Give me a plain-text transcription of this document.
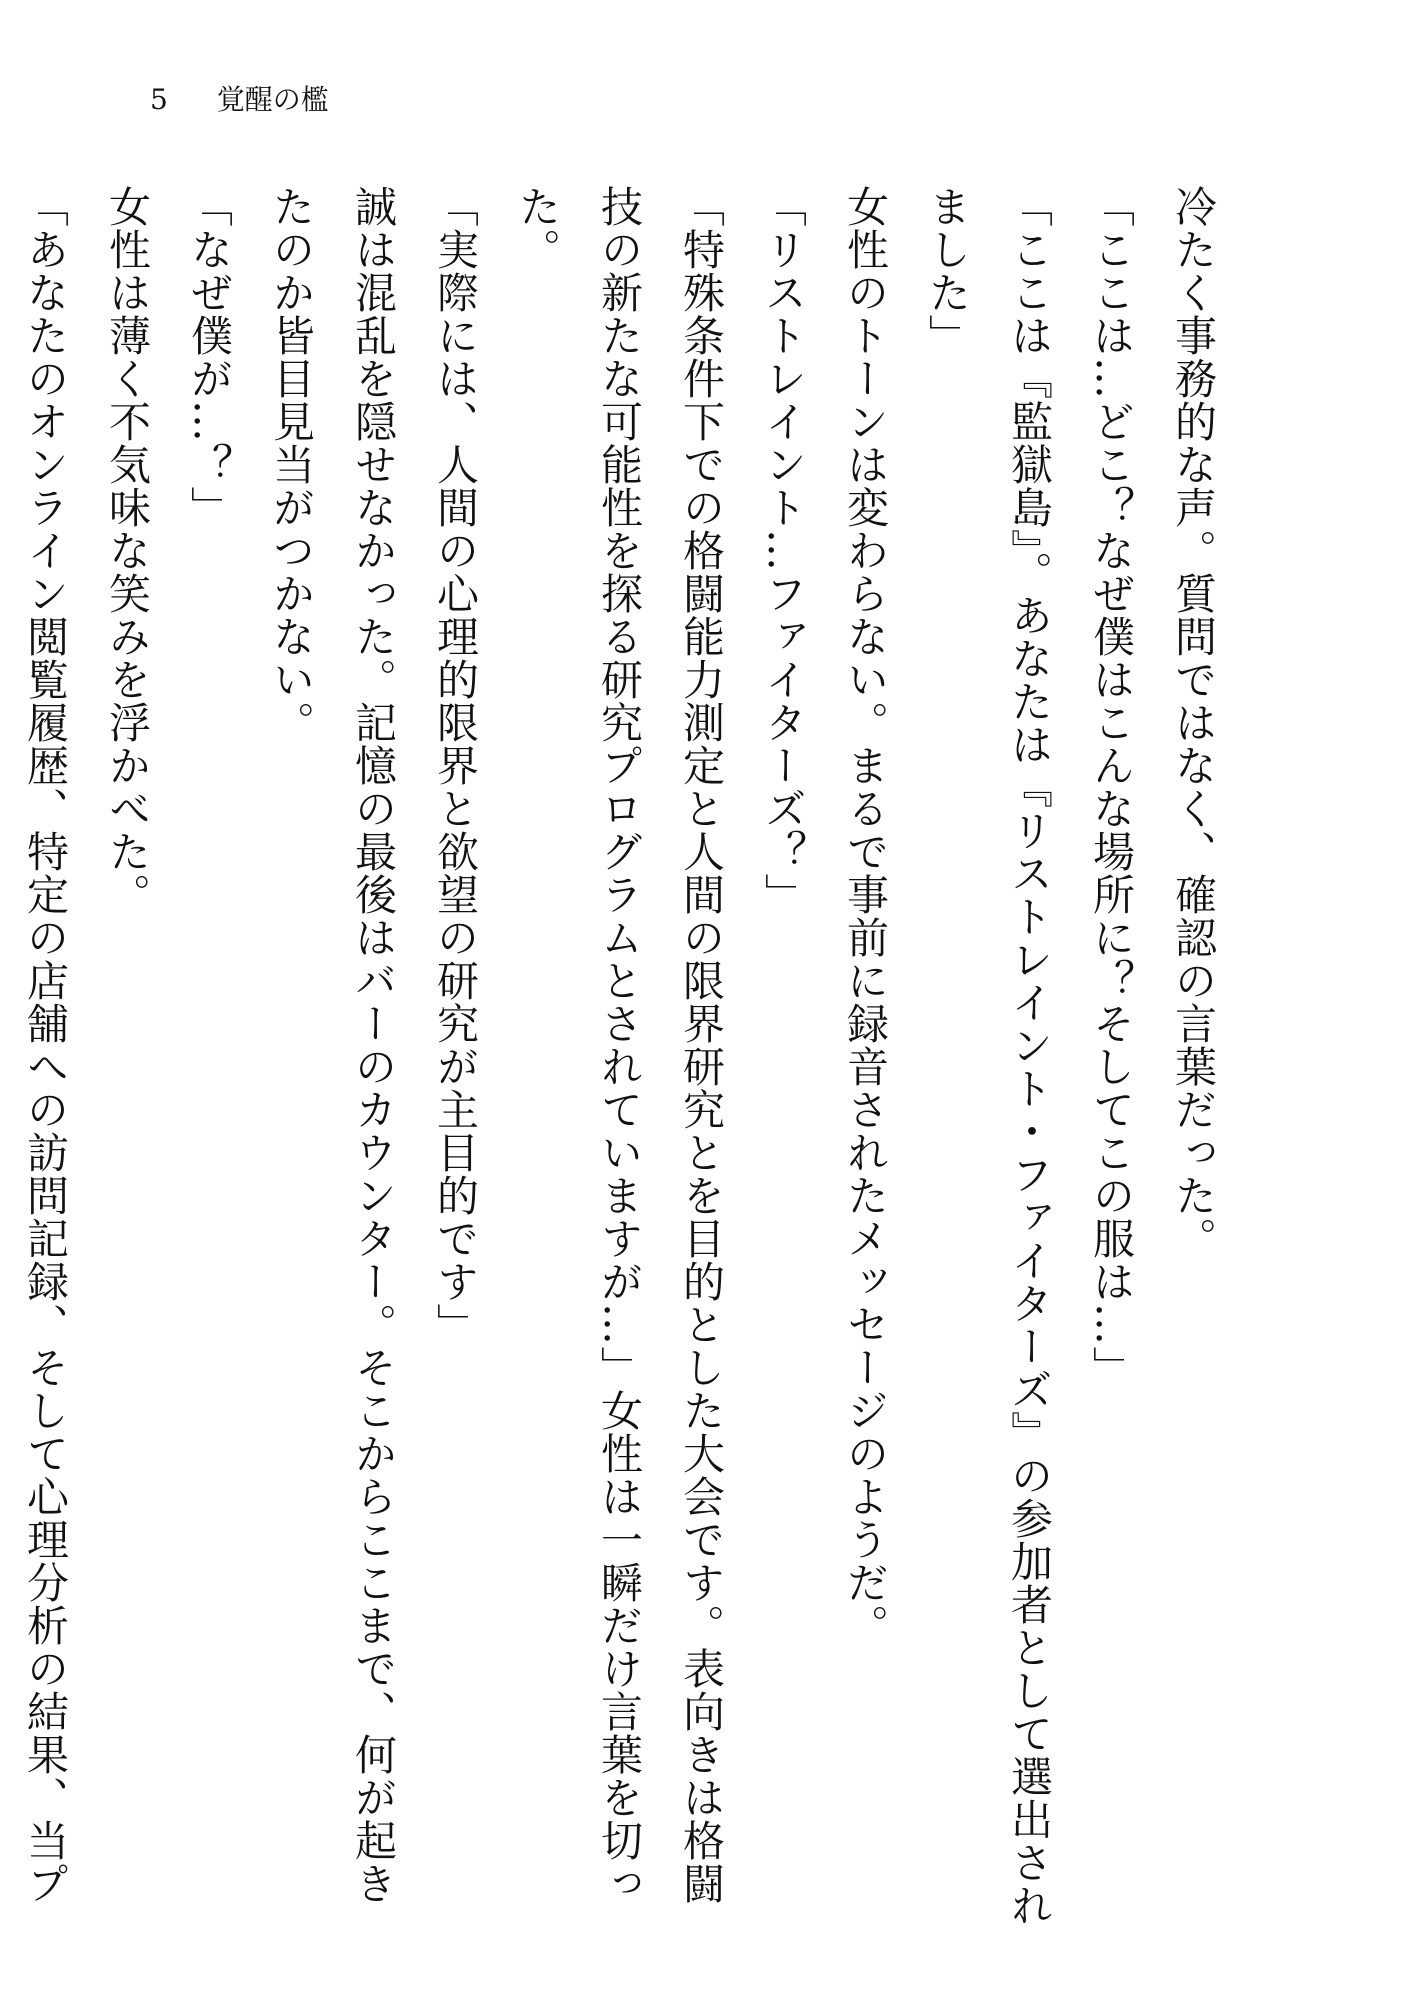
5 覚醒の檻

冷たく事務的な声。質問ではなく、確認の言葉だった。

「ここは…どこ？なぜ僕はこんな場所に？そしてこの服は…」

「ここは『監獄島』。あなたは『リストレイント・ファイターズ』の参加者として選出されました」

女性のトーンは変わらない。まるで事前に録音されたメッセージのようだ。

「リストレイント…ファイターズ？」

「特殊条件下での格闘能力測定と人間の限界研究とを目的とした大会です。表向きは格闘技の新たな可能性を探る研究プログラムとされていますが…」女性は一瞬だけ言葉を切った。

「実際には、人間の心理的限界と欲望の研究が主目的です」

誠は混乱を隠せなかった。記憶の最後はバーのカウンター。そこからここまで、何が起きたのか皆目見当がつかない。

「なぜ僕が…？」

女性は薄く不気味な笑みを浮かべた。

「あなたのオンライン閲覧履歴、特定の店舗への訪問記録、そして心理分析の結果、当プ
